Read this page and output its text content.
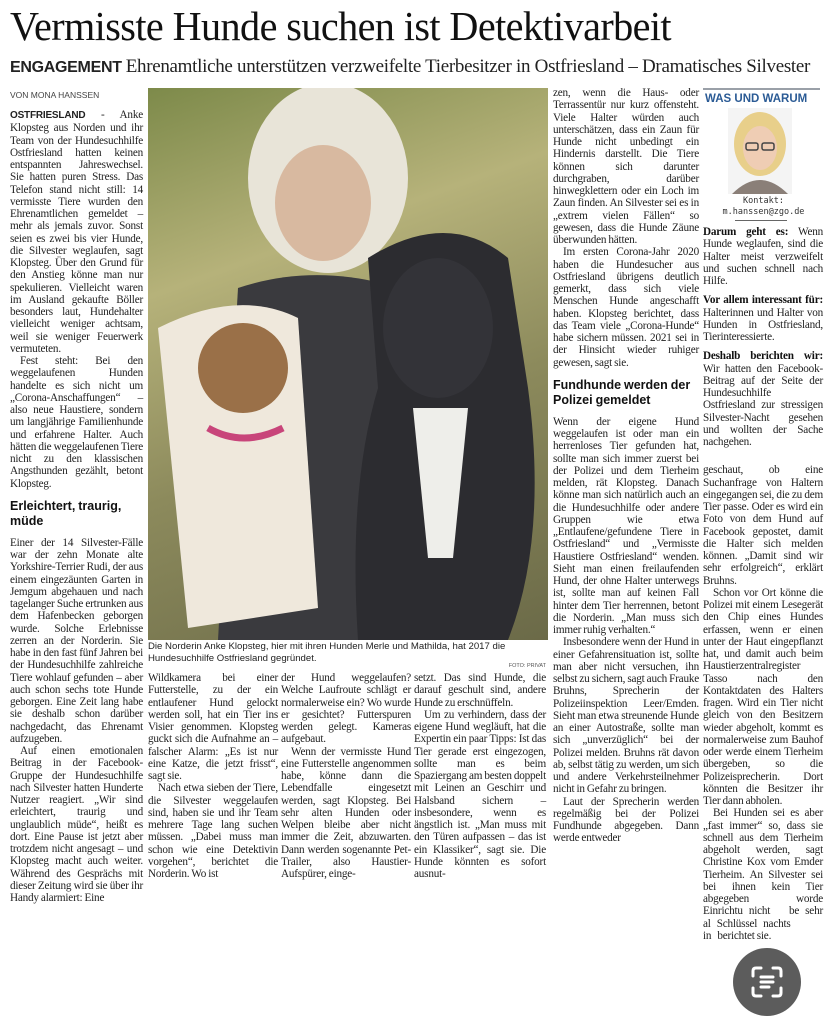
Vermisste Hunde suchen ist Detektivarbeit
ENGAGEMENT Ehrenamtliche unterstützen verzweifelte Tierbesitzer in Ostfriesland – Dramatisches Silvester
VON MONA HANSSEN

OSTFRIESLAND - Anke Klopsteg aus Norden und ihr Team von der Hundesuchhilfe Ostfriesland hatten keinen entspannten Jahreswechsel. Sie hatten puren Stress. Das Telefon stand nicht still: 14 vermisste Tiere wurden den Ehrenamtlichen gemeldet – mehr als jemals zuvor. Sonst seien es zwei bis vier Hunde, die Silvester weglaufen, sagt Klopsteg. Über den Grund für den Anstieg könne man nur spekulieren. Vielleicht waren im Ausland gekaufte Böller besonders laut, Hundehalter vielleicht weniger achtsam, weil sie weniger Feuerwerk vermuteten.

Fest steht: Bei den weggelaufenen Hunden handelte es sich nicht um „Corona-Anschaffungen“ – also neue Haustiere, sondern um langjährige Familienhunde und erfahrene Halter. Auch hätten die weggelaufenen Tiere nicht zu den klassischen Angsthunden gezählt, betont Klopsteg.

Erleichtert, traurig, müde

Einer der 14 Silvester-Fälle war der zehn Monate alte Yorkshire-Terrier Rudi, der aus einem eingezäunten Garten in Jemgum abgehauen und nach tagelanger Suche ertrunken aus dem Hafenbecken geborgen wurde. Solche Erlebnisse zerren an der Norderin. Sie habe in den fast fünf Jahren bei der Hundesuchhilfe zahlreiche Tiere wohlauf gefunden – aber auch schon sechs tote Hunde geborgen. Eine Zeit lang habe sie deshalb schon darüber nachgedacht, das Ehrenamt aufzugeben.

Auf einen emotionalen Beitrag in der Facebook-Gruppe der Hundesuchhilfe nach Silvester hatten Hunderte Nutzer reagiert. „Wir sind erleichtert, traurig und unglaublich müde“, heißt es dort. Eine Pause ist jetzt aber trotzdem nicht angesagt – und Klopsteg macht auch weiter. Während des Gesprächs mit dieser Zeitung wird sie über ihr Handy alarmiert: Eine

Die Norderin Anke Klopsteg, hier mit ihren Hunden Merle und Mathilda, hat 2017 die Hundesuchhilfe Ostfriesland gegründet.
FOTO: PRIVAT

Wildkamera bei einer Futterstelle, zu der ein entlaufener Hund gelockt werden soll, hat ein Tier ins Visier genommen. Klopsteg guckt sich die Aufnahme an – falscher Alarm: „Es ist nur eine Katze, die jetzt frisst“, sagt sie.

Nach etwa sieben der Tiere, die Silvester weggelaufen sind, haben sie und ihr Team mehrere Tage lang suchen müssen. „Dabei muss man schon wie eine Detektivin vorgehen“, berichtet die Norderin. Wo ist

der Hund weggelaufen? Welche Laufroute schlägt er normalerweise ein? Wo wurde er gesichtet? Futterspuren werden gelegt. Kameras aufgebaut.

Wenn der vermisste Hund eine Futterstelle angenommen habe, könne dann die Lebendfalle eingesetzt werden, sagt Klopsteg. Bei sehr alten Hunden oder Welpen bleibe aber nicht immer die Zeit, abzuwarten. Dann werden sogenannte Pet-Trailer, also Haustier-Aufspürer, einge-

setzt. Das sind Hunde, die darauf geschult sind, andere Hunde zu erschnüffeln.

Um zu verhindern, dass der eigene Hund wegläuft, hat die Expertin ein paar Tipps: Ist das Tier gerade erst eingezogen, sollte man es beim Spaziergang am besten doppelt mit Leinen an Geschirr und Halsband sichern – insbesondere, wenn es ängstlich ist. „Man muss mit den Türen aufpassen – das ist ein Klassiker“, sagt sie. Die Hunde könnten es sofort ausnut-

zen, wenn die Haus- oder Terrassentür nur kurz offensteht. Viele Halter würden auch unterschätzen, dass ein Zaun für Hunde nicht unbedingt ein Hindernis darstellt. Die Tiere können sich darunter durchgraben, darüber hinwegklettern oder ein Loch im Zaun finden. An Silvester sei es in „extrem vielen Fällen“ so gewesen, dass die Hunde Zäune überwunden hätten.

Im ersten Corona-Jahr 2020 haben die Hundesucher aus Ostfriesland übrigens deutlich gemerkt, dass sich viele Menschen Hunde angeschafft haben. Klopsteg berichtet, dass das Team viele „Corona-Hunde“ habe sichern müssen. 2021 sei in der Hinsicht wieder ruhiger gewesen, sagt sie.

Fundhunde werden der Polizei gemeldet

Wenn der eigene Hund weggelaufen ist oder man ein herrenloses Tier gefunden hat, sollte man sich immer zuerst bei der Polizei und dem Tierheim melden, rät Klopsteg. Danach könne man sich natürlich auch an die Hundesuchhilfe oder andere Gruppen wie etwa „Entlaufene/gefundene Tiere in Ostfriesland“ und „Vermisste Haustiere Ostfriesland“ wenden. Sieht man einen freilaufenden Hund, der ohne Halter unterwegs ist, sollte man auf keinen Fall hinter dem Tier herrennen, betont die Norderin. „Man muss sich immer ruhig verhalten.“

Insbesondere wenn der Hund in einer Gefahrensituation ist, sollte man aber nicht versuchen, ihn selbst zu sichern, sagt auch Frauke Bruhns, Sprecherin der Polizeiinspektion Leer/Emden. Sieht man etwa streunende Hunde an einer Autostraße, sollte man sich „unverzüglich“ bei der Polizei melden. Bruhns rät davon ab, selbst tätig zu werden, um sich und andere Verkehrsteilnehmer nicht in Gefahr zu bringen.

Laut der Sprecherin werden regelmäßig bei der Polizei Fundhunde abgegeben. Dann werde entweder

WAS UND WARUM
Kontakt:
m.hanssen@zgo.de

Darum geht es: Wenn Hunde weglaufen, sind die Halter meist verzweifelt und suchen schnell nach Hilfe.

Vor allem interessant für: Halterinnen und Halter von Hunden in Ostfriesland, Tierinteressierte.

Deshalb berichten wir: Wir hatten den Facebook-Beitrag auf der Seite der Hundesuchhilfe Ostfriesland zur stressigen Silvester-Nacht gesehen und wollten der Sache nachgehen.

geschaut, ob eine Suchanfrage von Haltern eingegangen sei, die zu dem Tier passe. Oder es wird ein Foto von dem Hund auf Facebook gepostet, damit die Halter sich melden können. „Damit sind wir sehr erfolgreich“, erklärt Bruhns.

Schon vor Ort könne die Polizei mit einem Lesegerät den Chip eines Hundes erfassen, wenn er einen unter der Haut eingepflanzt hat, und damit auch beim Haustierzentralregister Tasso nach den Kontaktdaten des Halters fragen. Wird ein Tier nicht gleich von den Besitzern wieder abgeholt, kommt es normalerweise zum Bauhof oder werde einem Tierheim übergeben, so die Polizeisprecherin. Dort könnten die Besitzer ihr Tier dann abholen.

Bei Hunden sei es aber „fast immer“ so, dass sie schnell aus dem Tierheim abgeholt werden, sagt Christine Kox vom Emder Tierheim. An Silvester sei bei ihnen kein Tier abgegeben worde Einrichtu nicht be sehr al Schlüssel nachts in berichtet sie.
